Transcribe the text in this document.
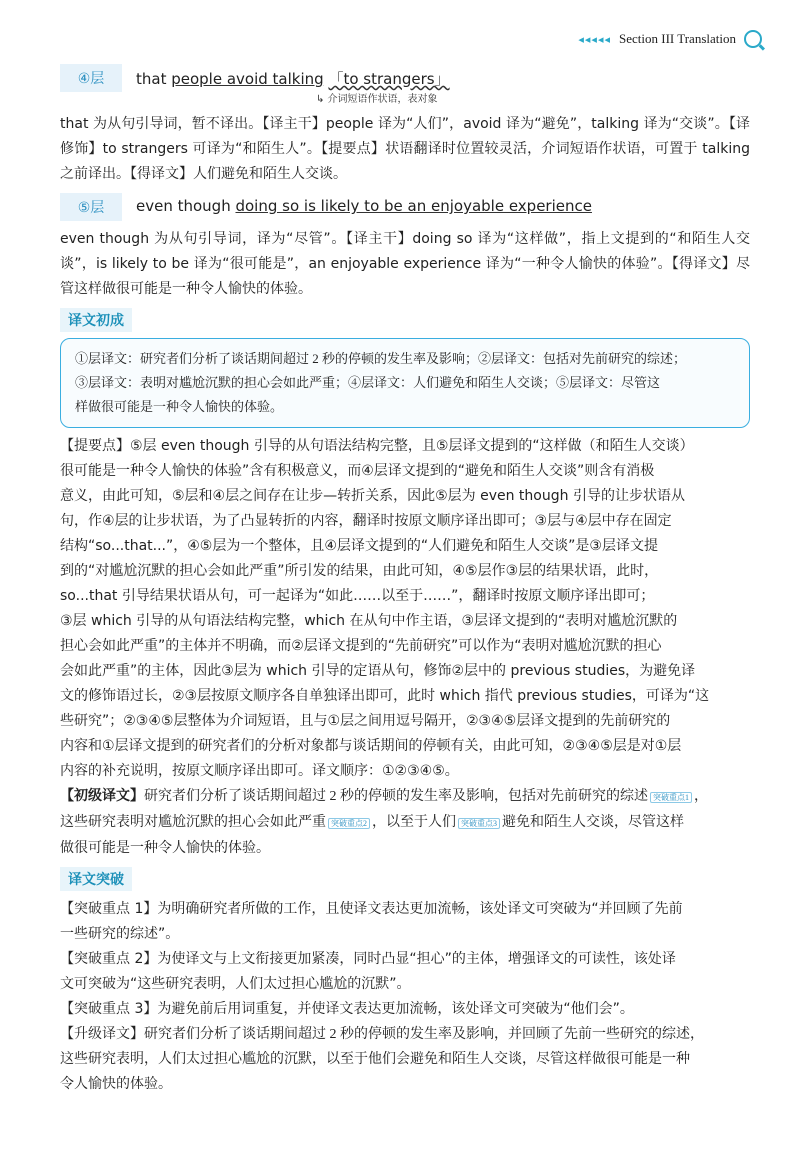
◂◂◂◂◂ Section III Translation
④层	that people avoid talking 「to strangers」
↳ 介词短语作状语，表对象

that 为从句引导词，暂不译出。【译主干】people 译为“人们”，avoid 译为“避免”，talking 译为“交谈”。【译修饰】to strangers 可译为“和陌生人”。【提要点】状语翻译时位置较灵活，介词短语作状语，可置于 talking 之前译出。【得译文】人们避免和陌生人交谈。

⑤层	even though doing so is likely to be an enjoyable experience

even though 为从句引导词，译为“尽管”。【译主干】doing so 译为“这样做”，指上文提到的“和陌生人交谈”，is likely to be 译为“很可能是”，an enjoyable experience 译为“一种令人愉快的体验”。【得译文】尽管这样做很可能是一种令人愉快的体验。

译文初成

①层译文：研究者们分析了谈话期间超过 2 秒的停顿的发生率及影响；②层译文：包括对先前研究的综述；

③层译文：表明对尴尬沉默的担心会如此严重；④层译文：人们避免和陌生人交谈；⑤层译文：尽管这

样做很可能是一种令人愉快的体验。

【提要点】⑤层 even though 引导的从句语法结构完整，且⑤层译文提到的“这样做（和陌生人交谈）

很可能是一种令人愉快的体验”含有积极意义，而④层译文提到的“避免和陌生人交谈”则含有消极

意义，由此可知，⑤层和④层之间存在让步—转折关系，因此⑤层为 even though 引导的让步状语从

句，作④层的让步状语，为了凸显转折的内容，翻译时按原文顺序译出即可；③层与④层中存在固定

结构“so...that...”，④⑤层为一个整体，且④层译文提到的“人们避免和陌生人交谈”是③层译文提

到的“对尴尬沉默的担心会如此严重”所引发的结果，由此可知，④⑤层作③层的结果状语，此时，

so...that 引导结果状语从句，可一起译为“如此……以至于……”，翻译时按原文顺序译出即可；

③层 which 引导的从句语法结构完整，which 在从句中作主语，③层译文提到的“表明对尴尬沉默的

担心会如此严重”的主体并不明确，而②层译文提到的“先前研究”可以作为“表明对尴尬沉默的担心

会如此严重”的主体，因此③层为 which 引导的定语从句，修饰②层中的 previous studies，为避免译

文的修饰语过长，②③层按原文顺序各自单独译出即可，此时 which 指代 previous studies，可译为“这

些研究”；②③④⑤层整体为介词短语，且与①层之间用逗号隔开，②③④⑤层译文提到的先前研究的

内容和①层译文提到的研究者们的分析对象都与谈话期间的停顿有关，由此可知，②③④⑤层是对①层

内容的补充说明，按原文顺序译出即可。译文顺序：①②③④⑤。

【初级译文】研究者们分析了谈话期间超过 2 秒的停顿的发生率及影响，包括对先前研究的综述 突破重点1 ，

这些研究表明对尴尬沉默的担心会如此严重 突破重点2 ，以至于人们 突破重点3 避免和陌生人交谈，尽管这样

做很可能是一种令人愉快的体验。

译文突破

【突破重点 1】为明确研究者所做的工作，且使译文表达更加流畅，该处译文可突破为“并回顾了先前

一些研究的综述”。

【突破重点 2】为使译文与上文衔接更加紧凑，同时凸显“担心”的主体，增强译文的可读性，该处译

文可突破为“这些研究表明，人们太过担心尴尬的沉默”。

【突破重点 3】为避免前后用词重复，并使译文表达更加流畅，该处译文可突破为“他们会”。

【升级译文】研究者们分析了谈话期间超过 2 秒的停顿的发生率及影响，并回顾了先前一些研究的综述，

这些研究表明，人们太过担心尴尬的沉默，以至于他们会避免和陌生人交谈，尽管这样做很可能是一种

令人愉快的体验。
